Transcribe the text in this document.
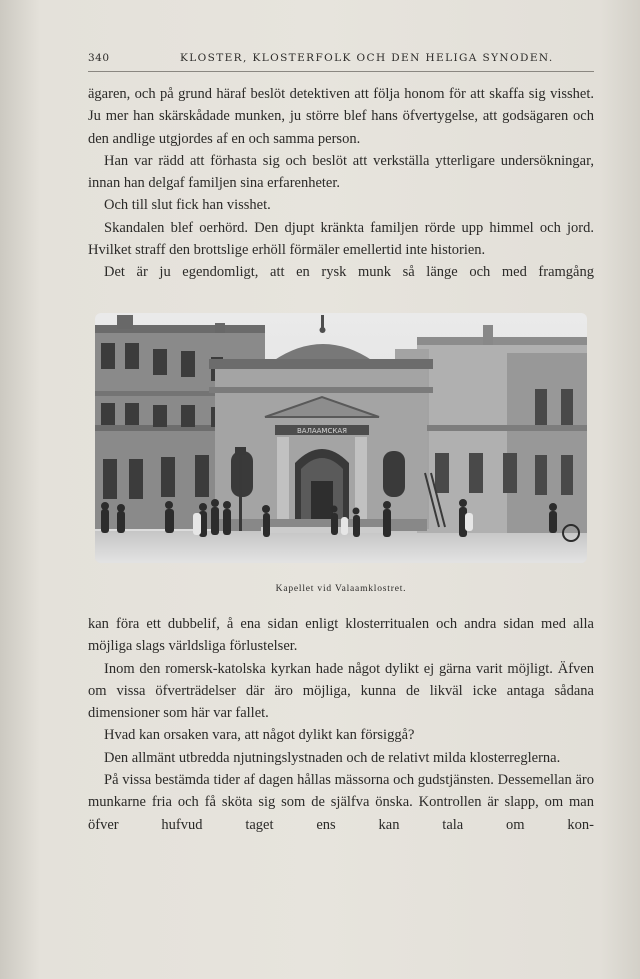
340	KLOSTER, KLOSTERFOLK OCH DEN HELIGA SYNODEN.

ägaren, och på grund häraf beslöt detektiven att följa honom för att skaffa sig visshet. Ju mer han skärskådade munken, ju större blef hans öfvertygelse, att godsägaren och den andlige utgjordes af en och samma person.

Han var rädd att förhasta sig och beslöt att verkställa ytterligare undersökningar, innan han delgaf familjen sina erfarenheter.

Och till slut fick han visshet.

Skandalen blef oerhörd. Den djupt kränkta familjen rörde upp himmel och jord. Hvilket straff den brottslige erhöll förmäler emellertid inte historien.

Det är ju egendomligt, att en rysk munk så länge och med framgång

ВАЛААМСКАЯ
Kapellet vid Valaamklostret.

kan föra ett dubbelif, å ena sidan enligt klosterritualen och andra sidan med alla möjliga slags världsliga förlustelser.

Inom den romersk-katolska kyrkan hade något dylikt ej gärna varit möjligt. Äfven om vissa öfverträdelser där äro möjliga, kunna de likväl icke antaga sådana dimensioner som här var fallet.

Hvad kan orsaken vara, att något dylikt kan försiggå?

Den allmänt utbredda njutningslystnaden och de relativt milda klosterreglerna.

På vissa bestämda tider af dagen hållas mässorna och gudstjänsten. Dessemellan äro munkarne fria och få sköta sig som de själfva önska. Kontrollen är slapp, om man öfver hufvud taget ens kan tala om kon-
